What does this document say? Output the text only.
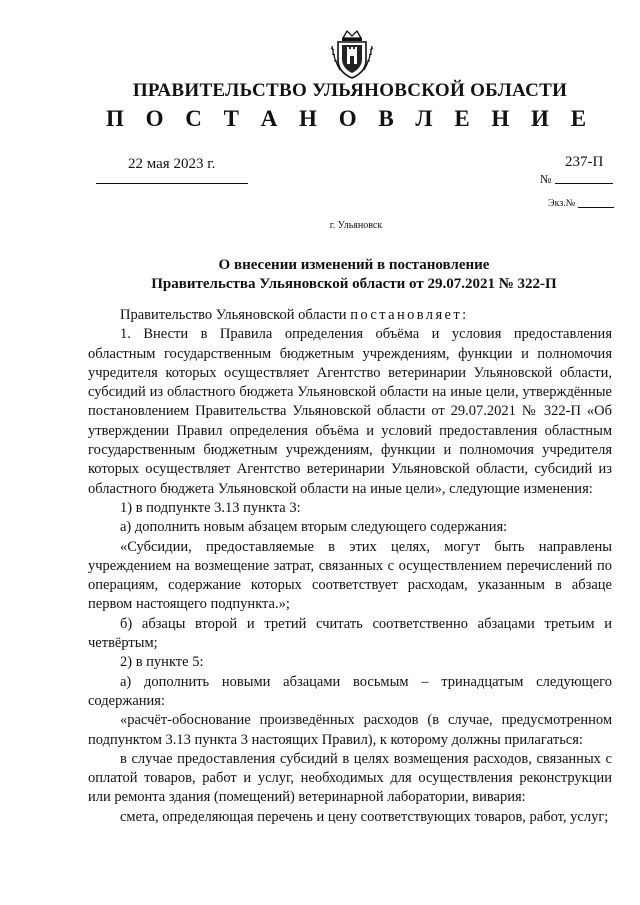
ПРАВИТЕЛЬСТВО УЛЬЯНОВСКОЙ ОБЛАСТИ
П О С Т А Н О В Л Е Н И Е
22 мая 2023 г.	237-П
№
Экз.№
г. Ульяновск
О внесении изменений в постановление
Правительства Ульяновской области от 29.07.2021 № 322-П

Правительство Ульяновской области постановляет:

1. Внести в Правила определения объёма и условия предоставления областным государственным бюджетным учреждениям, функции и полномочия учредителя которых осуществляет Агентство ветеринарии Ульяновской области, субсидий из областного бюджета Ульяновской области на иные цели, утверждённые постановлением Правительства Ульяновской области от 29.07.2021 № 322-П «Об утверждении Правил определения объёма и условий предоставления областным государственным бюджетным учреждениям, функции и полномочия учредителя которых осуществляет Агентство ветеринарии Ульяновской области, субсидий из областного бюджета Ульяновской области на иные цели», следующие изменения:

1) в подпункте 3.13 пункта 3:

а) дополнить новым абзацем вторым следующего содержания:

«Субсидии, предоставляемые в этих целях, могут быть направлены учреждением на возмещение затрат, связанных с осуществлением перечислений по операциям, содержание которых соответствует расходам, указанным в абзаце первом настоящего подпункта.»;

б) абзацы второй и третий считать соответственно абзацами третьим и четвёртым;

2) в пункте 5:

а) дополнить новыми абзацами восьмым – тринадцатым следующего содержания:

«расчёт-обоснование произведённых расходов (в случае, предусмотренном подпунктом 3.13 пункта 3 настоящих Правил), к которому должны прилагаться:

в случае предоставления субсидий в целях возмещения расходов, связанных с оплатой товаров, работ и услуг, необходимых для осуществления реконструкции или ремонта здания (помещений) ветеринарной лаборатории, вивария:

смета, определяющая перечень и цену соответствующих товаров, работ, услуг;
